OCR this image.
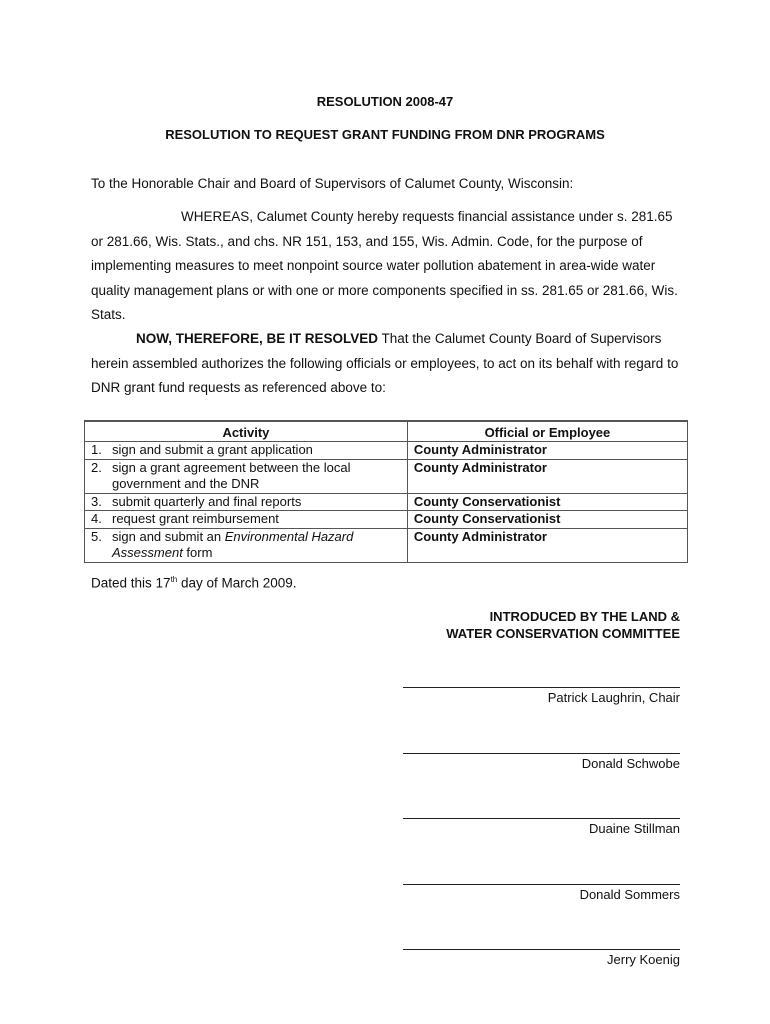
RESOLUTION 2008-47
RESOLUTION TO REQUEST GRANT FUNDING FROM DNR PROGRAMS
To the Honorable Chair and Board of Supervisors of Calumet County, Wisconsin:

WHEREAS, Calumet County hereby requests financial assistance under s. 281.65 or 281.66, Wis. Stats., and chs. NR 151, 153, and 155, Wis. Admin. Code, for the purpose of implementing measures to meet nonpoint source water pollution abatement in area-wide water quality management plans or with one or more components specified in ss. 281.65 or 281.66, Wis. Stats.

NOW, THEREFORE, BE IT RESOLVED That the Calumet County Board of Supervisors herein assembled authorizes the following officials or employees, to act on its behalf with regard to DNR grant fund requests as referenced above to:

Activity	Official or Employee
1. sign and submit a grant application	County Administrator
2. sign a grant agreement between the local government and the DNR	County Administrator
3. submit quarterly and final reports	County Conservationist
4. request grant reimbursement	County Conservationist
5. sign and submit an Environmental Hazard Assessment form	County Administrator
Dated this 17th day of March 2009.
INTRODUCED BY THE LAND &
WATER CONSERVATION COMMITTEE
Patrick Laughrin, Chair
Donald Schwobe
Duaine Stillman
Donald Sommers
Jerry Koenig
